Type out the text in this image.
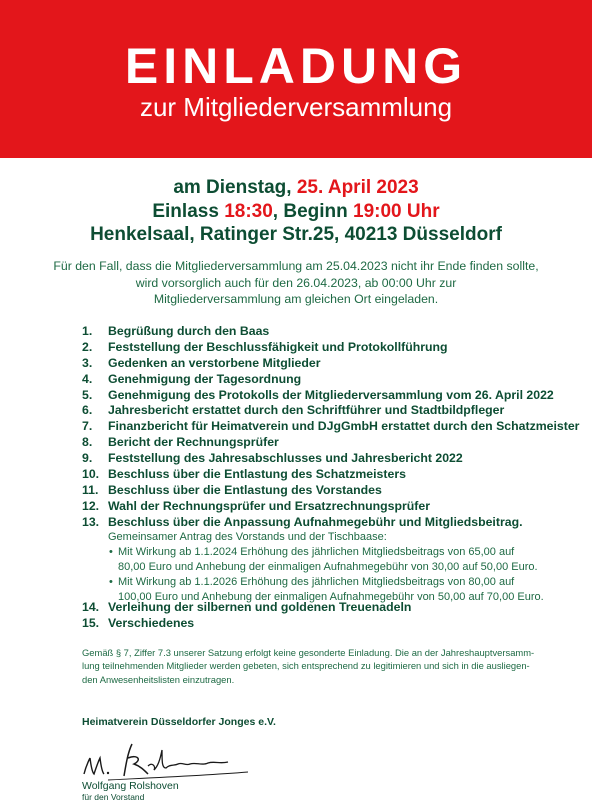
EINLADUNG
zur Mitgliederversammlung
am Dienstag, 25. April 2023
Einlass 18:30, Beginn 19:00 Uhr
Henkelsaal, Ratinger Str.25, 40213 Düsseldorf
Für den Fall, dass die Mitgliederversammlung am 25.04.2023 nicht ihr Ende finden sollte,
wird vorsorglich auch für den 26.04.2023, ab 00:00 Uhr zur
Mitgliederversammlung am gleichen Ort eingeladen.
1. Begrüßung durch den Baas
2. Feststellung der Beschlussfähigkeit und Protokollführung
3. Gedenken an verstorbene Mitglieder
4. Genehmigung der Tagesordnung
5. Genehmigung des Protokolls der Mitgliederversammlung vom 26. April 2022
6. Jahresbericht erstattet durch den Schriftführer und Stadtbildpfleger
7. Finanzbericht für Heimatverein und DJgGmbH erstattet durch den Schatzmeister
8. Bericht der Rechnungsprüfer
9. Feststellung des Jahresabschlusses und Jahresbericht 2022
10. Beschluss über die Entlastung des Schatzmeisters
11. Beschluss über die Entlastung des Vorstandes
12. Wahl der Rechnungsprüfer und Ersatzrechnungsprüfer
13. Beschluss über die Anpassung Aufnahmegebühr und Mitgliedsbeitrag.
Gemeinsamer Antrag des Vorstands und der Tischbaase:
• Mit Wirkung ab 1.1.2024 Erhöhung des jährlichen Mitgliedsbeitrags von 65,00 auf
80,00 Euro und Anhebung der einmaligen Aufnahmegebühr von 30,00 auf 50,00 Euro.
• Mit Wirkung ab 1.1.2026 Erhöhung des jährlichen Mitgliedsbeitrags von 80,00 auf
100,00 Euro und Anhebung der einmaligen Aufnahmegebühr von 50,00 auf 70,00 Euro.
14. Verleihung der silbernen und goldenen Treuenadeln
15. Verschiedenes
Gemäß § 7, Ziffer 7.3 unserer Satzung erfolgt keine gesonderte Einladung. Die an der Jahreshauptversamm-
lung teilnehmenden Mitglieder werden gebeten, sich entsprechend zu legitimieren und sich in die ausliegen-
den Anwesenheitslisten einzutragen.
Heimatverein Düsseldorfer Jonges e.V.
Wolfgang Rolshoven
für den Vorstand
